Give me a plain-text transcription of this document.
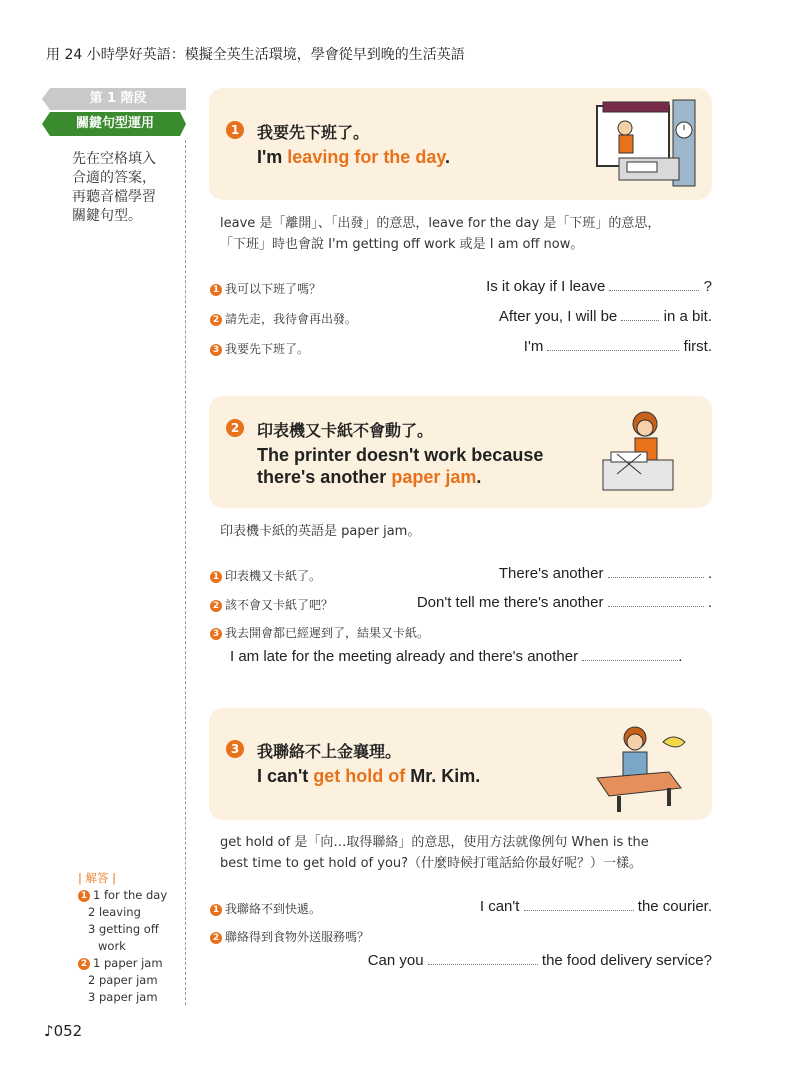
用 24 小時學好英語：模擬全英生活環境，學會從早到晚的生活英語
第 1 階段
關鍵句型運用
先在空格填入
合適的答案，
再聽音檔學習
關鍵句型。
1	我要先下班了。
I'm leaving for the day.
leave 是「離開」、「出發」的意思，leave for the day 是「下班」的意思，
「下班」時也會說 I'm getting off work 或是 I am off now。
1 我可以下班了嗎？	Is it okay if I leave	?
2 請先走，我待會再出發。	After you, I will be	in a bit.
3 我要先下班了。	I'm	first.
2	印表機又卡紙不會動了。
The printer doesn't work because
there's another paper jam.
印表機卡紙的英語是 paper jam。
1 印表機又卡紙了。	There's another	.
2 該不會又卡紙了吧？	Don't tell me there's another	.
3 我去開會都已經遲到了，結果又卡紙。
I am late for the meeting already and there's another	.
3	我聯絡不上金襄理。
I can't get hold of Mr. Kim.
get hold of 是「向…取得聯絡」的意思，使用方法就像例句 When is the
best time to get hold of you?（什麼時候打電話給你最好呢？）一樣。
1 我聯絡不到快遞。	I can't	the courier.
2 聯絡得到食物外送服務嗎？
Can you	the food delivery service?
| 解答 |
1 1 for the day
2 leaving
3 getting off
work
2 1 paper jam
2 paper jam
3 paper jam
♪052
